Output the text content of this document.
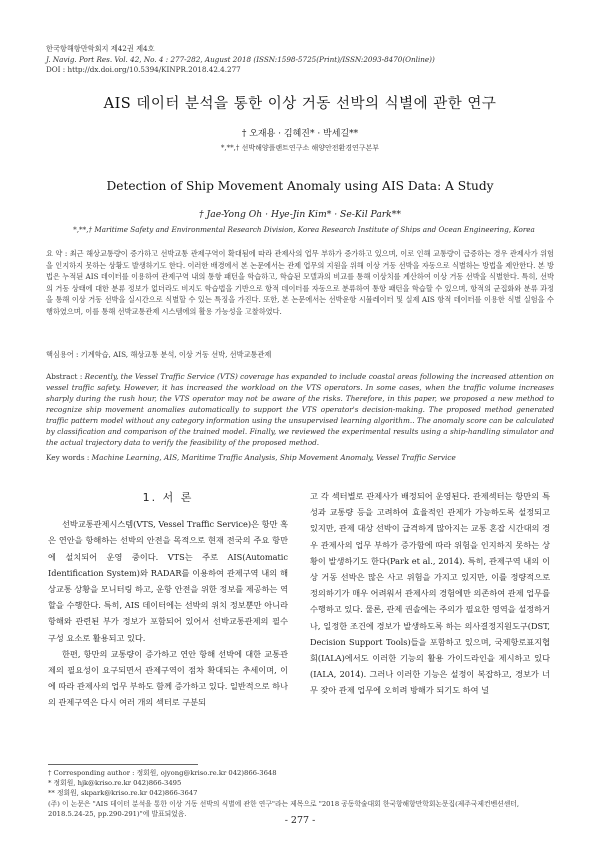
한국항해항만학회지 제42권 제4호
J. Navig. Port Res. Vol. 42, No. 4 : 277-282, August 2018 (ISSN:1598-5725(Print)/ISSN:2093-8470(Online))
DOI : http://dx.doi.org/10.5394/KINPR.2018.42.4.277
AIS 데이터 분석을 통한 이상 거동 선박의 식별에 관한 연구
† 오재용 · 김혜진* · 박세길**
*,**,† 선박해양플랜트연구소 해양안전환경연구본부
Detection of Ship Movement Anomaly using AIS Data: A Study
† Jae-Yong Oh · Hye-Jin Kim* · Se-Kil Park**
*,**,† Maritime Safety and Environmental Research Division, Korea Research Institute of Ships and Ocean Engineering, Korea
요 약 : 최근 해상교통량이 증가하고 선박교통 관제구역이 확대됨에 따라 관제사의 업무 부하가 증가하고 있으며, 이로 인해 교통량이 급증하는 경우 관제사가 위험을 인지하지 못하는 상황도 발생하기도 한다. 이러한 배경에서 본 논문에서는 관제 업무의 지원을 위해 이상 거동 선박을 자동으로 식별하는 방법을 제안한다. 본 방법은 누적된 AIS 데이터를 이용하여 관제구역 내의 통항 패턴을 학습하고, 학습된 모델과의 비교를 통해 이상치를 계산하여 이상 거동 선박을 식별한다. 특히, 선박의 거동 상태에 대한 분류 정보가 없더라도 비지도 학습법을 기반으로 항적 데이터를 자동으로 분류하여 통항 패턴을 학습할 수 있으며, 항적의 군집화와 분류 과정을 통해 이상 거동 선박을 실시간으로 식별할 수 있는 특징을 가진다. 또한, 본 논문에서는 선박운항 시뮬레이터 및 실제 AIS 항적 데이터를 이용한 식별 실험을 수행하였으며, 이를 통해 선박교통관제 시스템에의 활용 가능성을 고찰하였다.
핵심용어 : 기계학습, AIS, 해상교통 분석, 이상 거동 선박, 선박교통관제
Abstract : Recently, the Vessel Traffic Service (VTS) coverage has expanded to include coastal areas following the increased attention on vessel traffic safety. However, it has increased the workload on the VTS operators. In some cases, when the traffic volume increases sharply during the rush hour, the VTS operator may not be aware of the risks. Therefore, in this paper, we proposed a new method to recognize ship movement anomalies automatically to support the VTS operator's decision-making. The proposed method generated traffic pattern model without any category information using the unsupervised learning algorithm.. The anomaly score can be calculated by classification and comparison of the trained model. Finally, we reviewed the experimental results using a ship-handling simulator and the actual trajectory data to verify the feasibility of the proposed method.
Key words : Machine Learning, AIS, Maritime Traffic Analysis, Ship Movement Anomaly, Vessel Traffic Service
1. 서 론

선박교통관제시스템(VTS, Vessel Traffic Service)은 항만 혹은 연안을 항해하는 선박의 안전을 목적으로 현재 전국의 주요 항만에 설치되어 운영 중이다. VTS는 주로 AIS(Automatic Identification System)와 RADAR를 이용하여 관제구역 내의 해상교통 상황을 모니터링 하고, 운항 안전을 위한 정보를 제공하는 역할을 수행한다. 특히, AIS 데이터에는 선박의 위치 정보뿐만 아니라 항해와 관련된 부가 정보가 포함되어 있어서 선박교통관제의 필수 구성 요소로 활용되고 있다.

한편, 항만의 교통량이 증가하고 연안 항해 선박에 대한 교통관제의 필요성이 요구되면서 관제구역이 점차 확대되는 추세이며, 이에 따라 관제사의 업무 부하도 함께 증가하고 있다. 일반적으로 하나의 관제구역은 다시 여러 개의 섹터로 구분되

고 각 섹터별로 관제사가 배정되어 운영된다. 관제섹터는 항만의 특성과 교통량 등을 고려하여 효율적인 관제가 가능하도록 설정되고 있지만, 관제 대상 선박이 급격하게 많아지는 교통 혼잡 시간대의 경우 관제사의 업무 부하가 증가함에 따라 위험을 인지하지 못하는 상황이 발생하기도 한다(Park et al., 2014). 특히, 관제구역 내의 이상 거동 선박은 많은 사고 위험을 가지고 있지만, 이를 정량적으로 정의하기가 매우 어려워서 관제사의 경험에만 의존하여 관제 업무를 수행하고 있다. 물론, 관제 권솔에는 주의가 필요한 영역을 설정하거나, 일정한 조건에 경보가 발생하도록 하는 의사결정지원도구(DST, Decision Support Tools)들을 포함하고 있으며, 국제항로표지협회(IALA)에서도 이러한 기능의 활용 가이드라인을 제시하고 있다(IALA, 2014). 그러나 이러한 기능은 설정이 복잡하고, 경보가 너무 잦아 관제 업무에 오히려 방해가 되기도 하여 널

† Corresponding author : 정회원, ojyong@kriso.re.kr 042)866-3648
* 정회원, hjk@kriso.re.kr 042)866-3495
** 정회원, skpark@kriso.re.kr 042)866-3647
(주) 이 논문은 "AIS 데이터 분석을 통한 이상 거동 선박의 식별에 관한 연구"라는 제목으로 "2018 공동학술대회 한국항해항만학회논문집(제주국제컨벤션센터, 2018.5.24-25, pp.290-291)"에 발표되었음.
- 277 -
